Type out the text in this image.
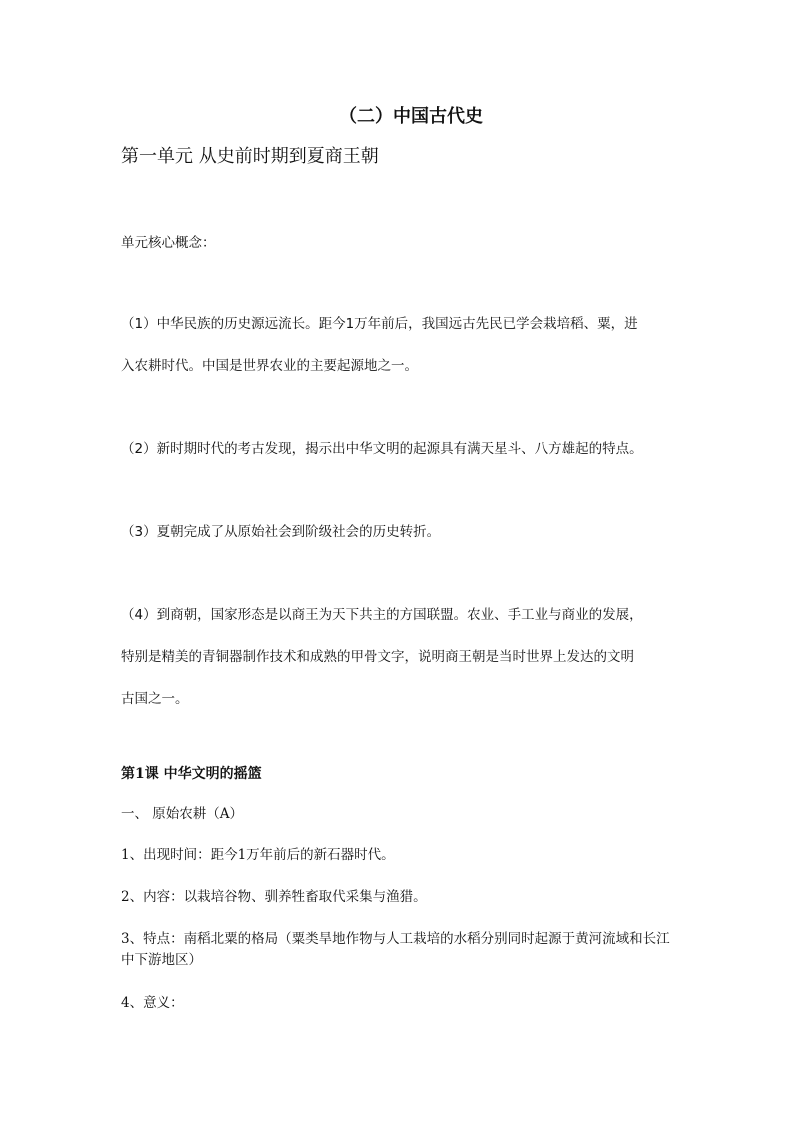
（二）中国古代史
第一单元 从史前时期到夏商王朝
单元核心概念：
（1）中华民族的历史源远流长。距今1万年前后，我国远古先民已学会栽培稻、粟，进
入农耕时代。中国是世界农业的主要起源地之一。
（2）新时期时代的考古发现，揭示出中华文明的起源具有满天星斗、八方雄起的特点。
（3）夏朝完成了从原始社会到阶级社会的历史转折。
（4）到商朝，国家形态是以商王为天下共主的方国联盟。农业、手工业与商业的发展，
特别是精美的青铜器制作技术和成熟的甲骨文字，说明商王朝是当时世界上发达的文明
古国之一。
第1课 中华文明的摇篮
一、 原始农耕（A）
1、出现时间：距今1万年前后的新石器时代。
2、内容：以栽培谷物、驯养牲畜取代采集与渔猎。
3、特点：南稻北粟的格局（粟类旱地作物与人工栽培的水稻分别同时起源于黄河流域和长江中下游地区）
4、意义：
